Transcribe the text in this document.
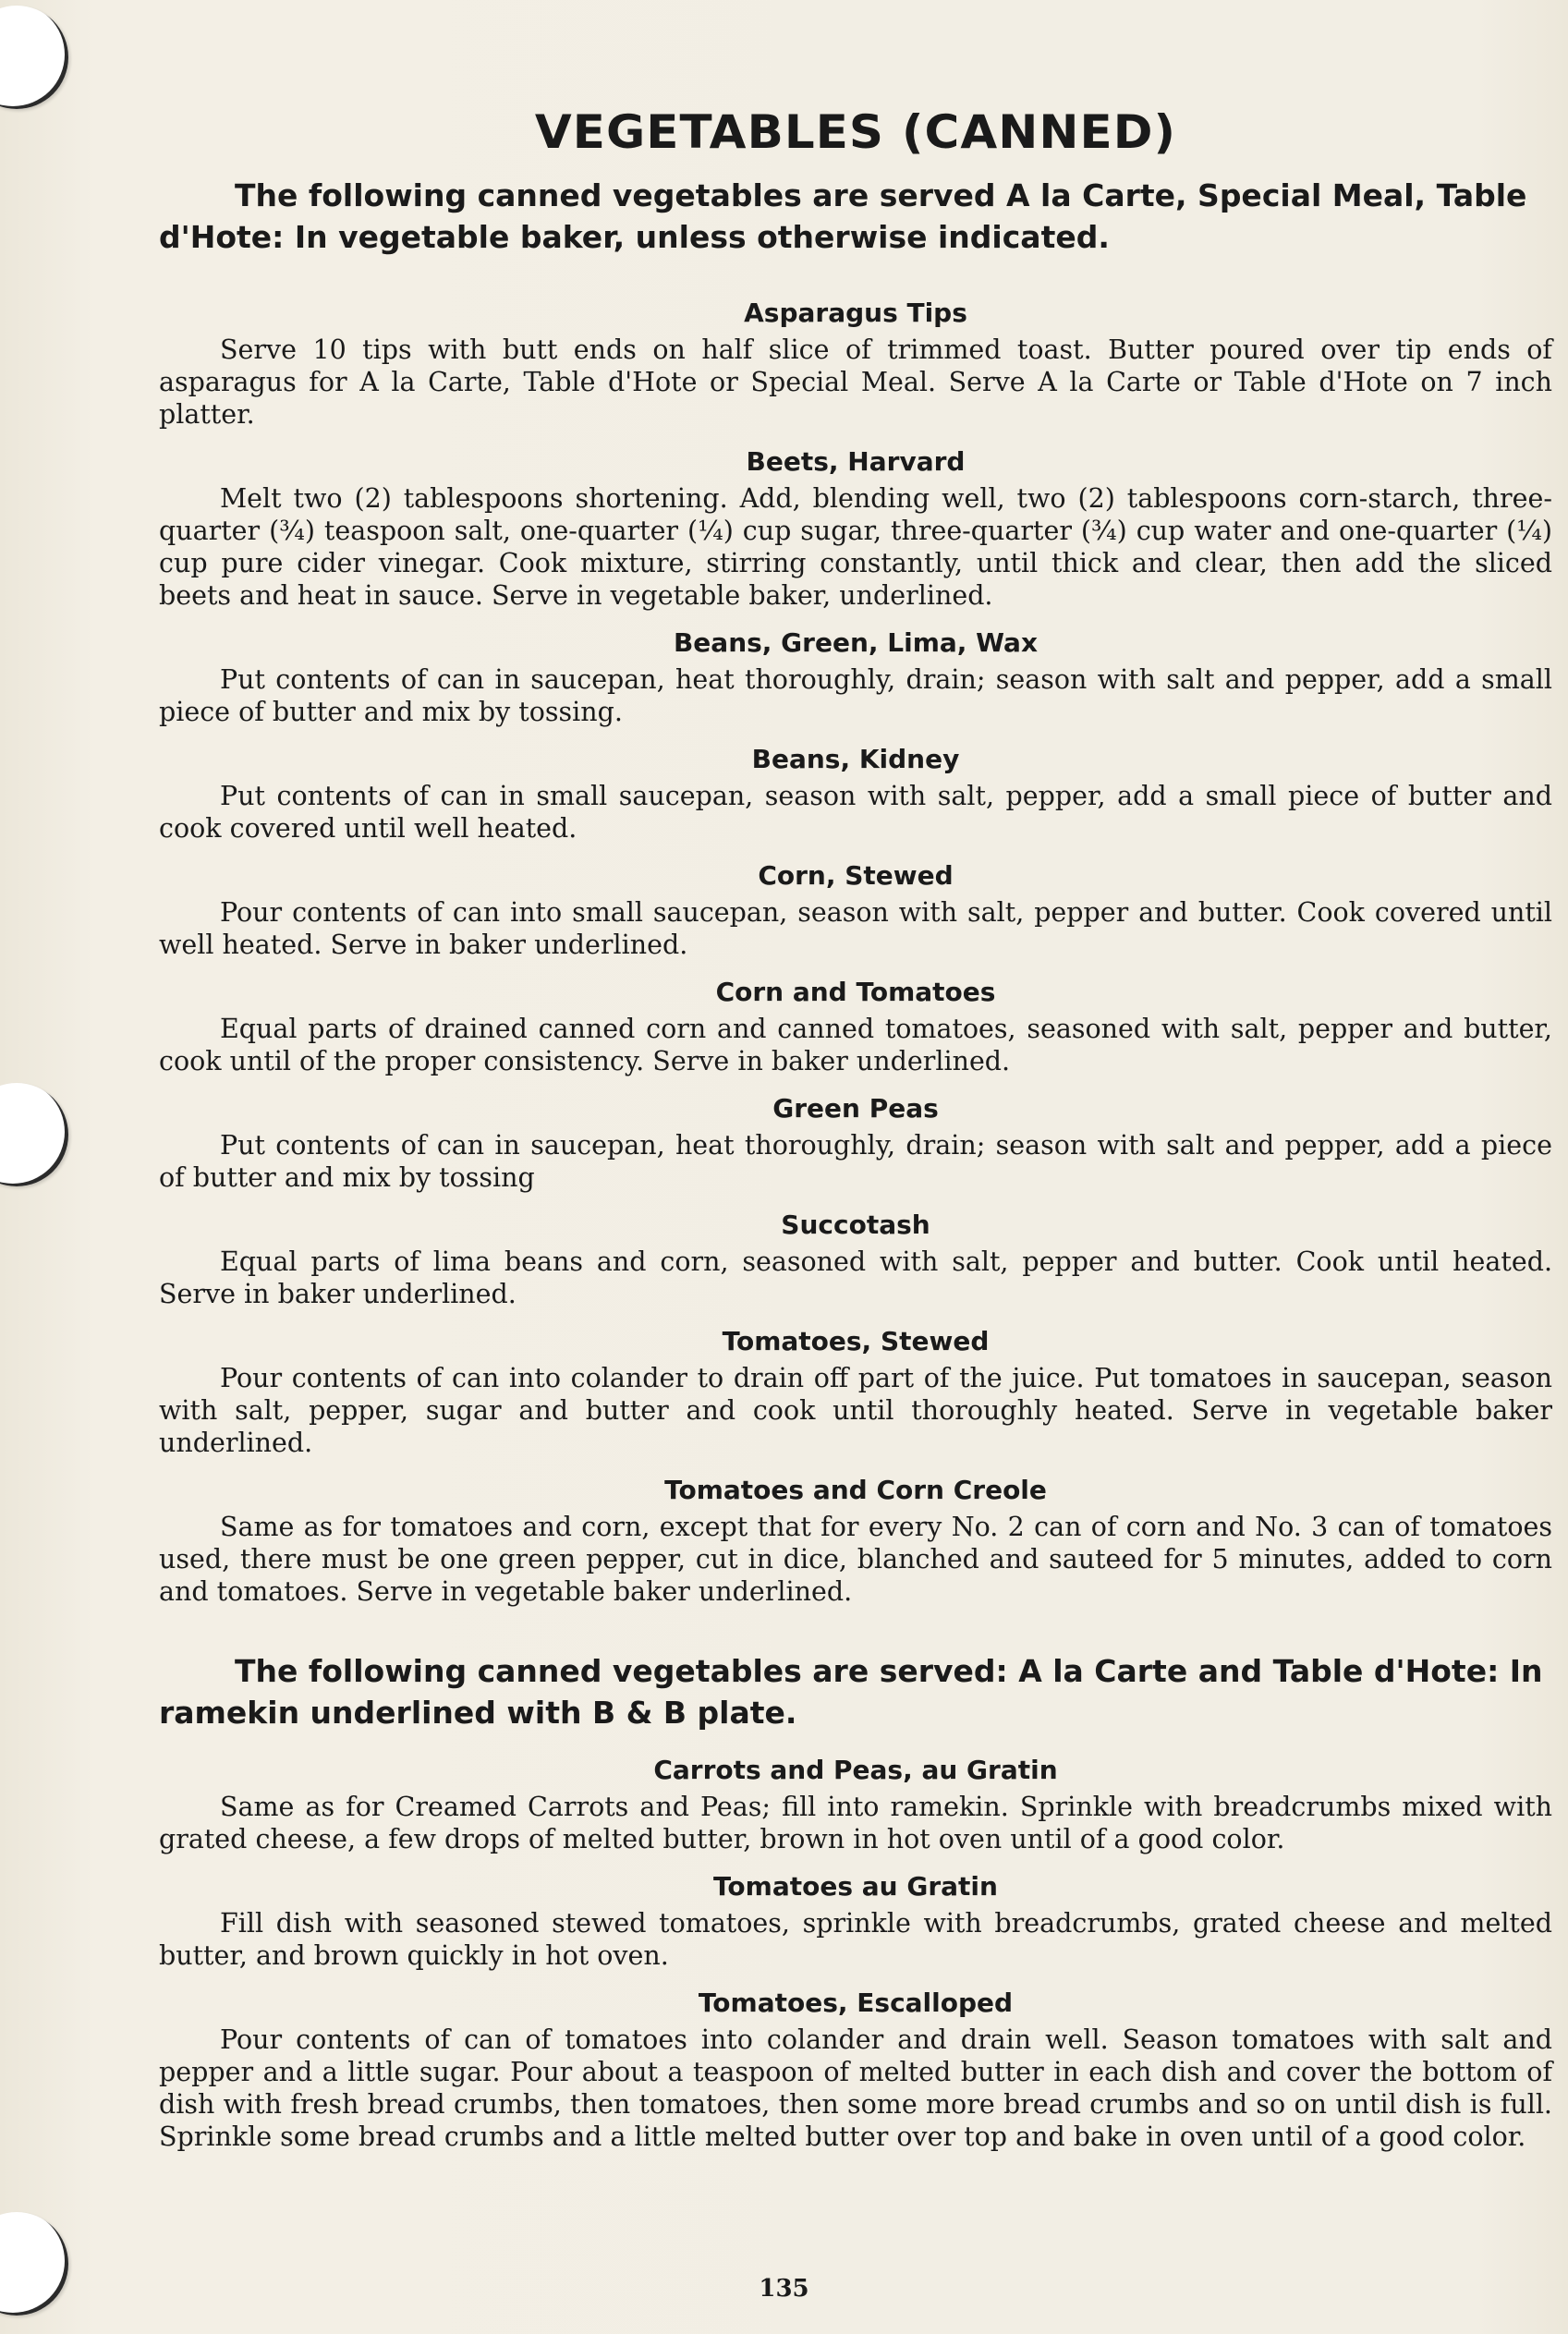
VEGETABLES (CANNED)

The following canned vegetables are served A la Carte, Special Meal, Table d'Hote: In vegetable baker, unless otherwise indicated.

Asparagus Tips

Serve 10 tips with butt ends on half slice of trimmed toast. Butter poured over tip ends of asparagus for A la Carte, Table d'Hote or Special Meal. Serve A la Carte or Table d'Hote on 7 inch platter.

Beets, Harvard

Melt two (2) tablespoons shortening. Add, blending well, two (2) tablespoons corn-starch, three-quarter (¾) teaspoon salt, one-quarter (¼) cup sugar, three-quarter (¾) cup water and one-quarter (¼) cup pure cider vinegar. Cook mixture, stirring constantly, until thick and clear, then add the sliced beets and heat in sauce. Serve in vegetable baker, underlined.

Beans, Green, Lima, Wax

Put contents of can in saucepan, heat thoroughly, drain; season with salt and pepper, add a small piece of butter and mix by tossing.

Beans, Kidney

Put contents of can in small saucepan, season with salt, pepper, add a small piece of butter and cook covered until well heated.

Corn, Stewed

Pour contents of can into small saucepan, season with salt, pepper and butter. Cook covered until well heated. Serve in baker underlined.

Corn and Tomatoes

Equal parts of drained canned corn and canned tomatoes, seasoned with salt, pepper and butter, cook until of the proper consistency. Serve in baker underlined.

Green Peas

Put contents of can in saucepan, heat thoroughly, drain; season with salt and pepper, add a piece of butter and mix by tossing

Succotash

Equal parts of lima beans and corn, seasoned with salt, pepper and butter. Cook until heated. Serve in baker underlined.

Tomatoes, Stewed

Pour contents of can into colander to drain off part of the juice. Put tomatoes in saucepan, season with salt, pepper, sugar and butter and cook until thoroughly heated. Serve in vegetable baker underlined.

Tomatoes and Corn Creole

Same as for tomatoes and corn, except that for every No. 2 can of corn and No. 3 can of tomatoes used, there must be one green pepper, cut in dice, blanched and sauteed for 5 minutes, added to corn and tomatoes. Serve in vegetable baker underlined.

The following canned vegetables are served: A la Carte and Table d'Hote: In ramekin underlined with B & B plate.

Carrots and Peas, au Gratin

Same as for Creamed Carrots and Peas; fill into ramekin. Sprinkle with breadcrumbs mixed with grated cheese, a few drops of melted butter, brown in hot oven until of a good color.

Tomatoes au Gratin

Fill dish with seasoned stewed tomatoes, sprinkle with breadcrumbs, grated cheese and melted butter, and brown quickly in hot oven.

Tomatoes, Escalloped

Pour contents of can of tomatoes into colander and drain well. Season tomatoes with salt and pepper and a little sugar. Pour about a teaspoon of melted butter in each dish and cover the bottom of dish with fresh bread crumbs, then tomatoes, then some more bread crumbs and so on until dish is full. Sprinkle some bread crumbs and a little melted butter over top and bake in oven until of a good color.

135
